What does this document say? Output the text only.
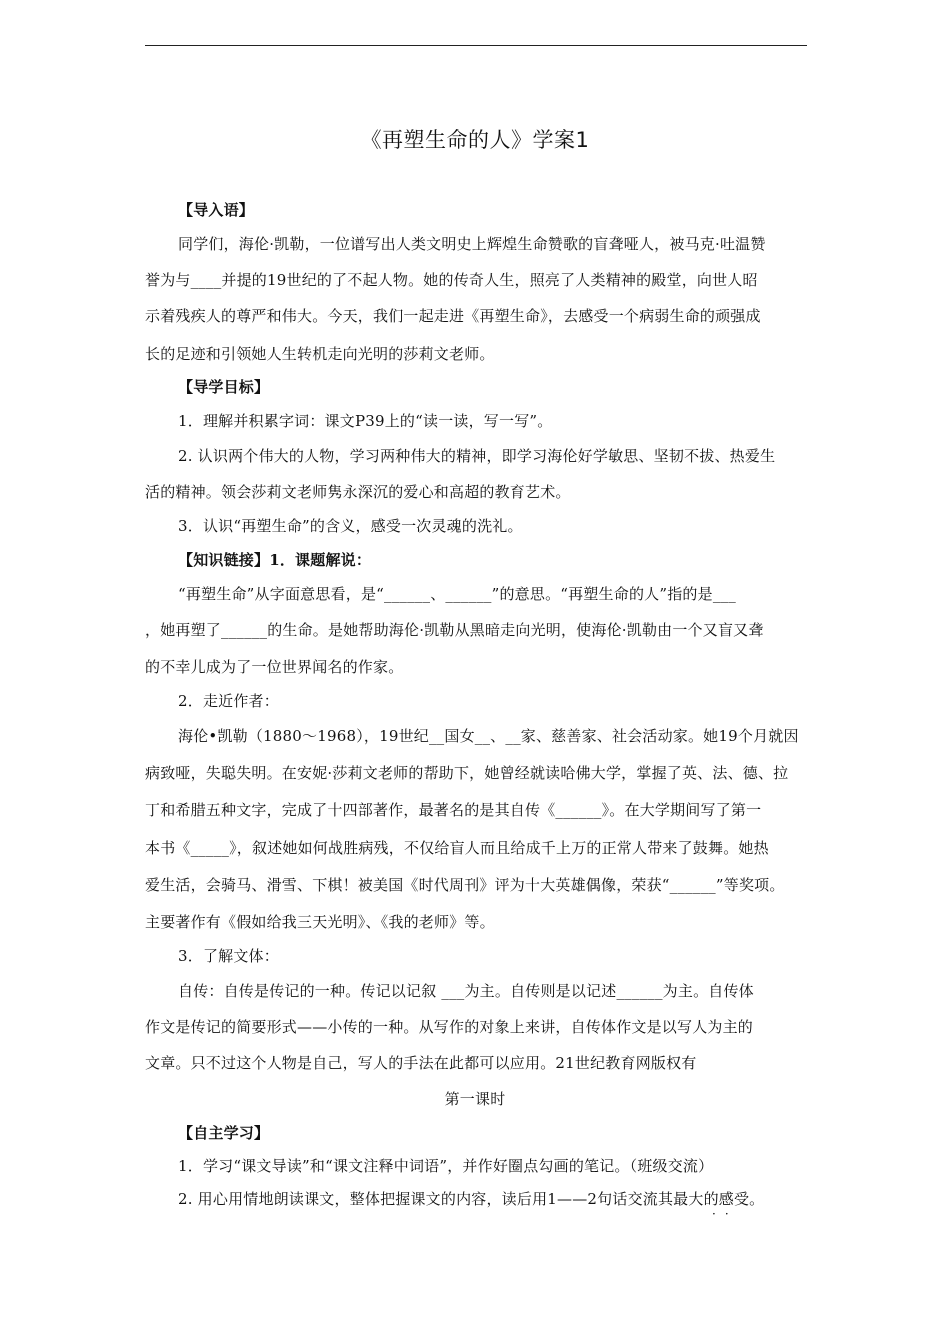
《再塑生命的人》学案1
【导入语】
同学们，海伦·凯勒，一位谱写出人类文明史上辉煌生命赞歌的盲聋哑人，被马克·吐温赞
誉为与____并提的19世纪的了不起人物。她的传奇人生，照亮了人类精神的殿堂，向世人昭
示着残疾人的尊严和伟大。今天，我们一起走进《再塑生命》，去感受一个病弱生命的顽强成
长的足迹和引领她人生转机走向光明的莎莉文老师。
【导学目标】
1．理解并积累字词：课文P39上的“读一读，写一写”。
2. 认识两个伟大的人物，学习两种伟大的精神，即学习海伦好学敏思、坚韧不拔、热爱生
活的精神。领会莎莉文老师隽永深沉的爱心和高超的教育艺术。
3．认识“再塑生命”的含义，感受一次灵魂的洗礼。
【知识链接】1．课题解说：
“再塑生命”从字面意思看，是“______、______”的意思。“再塑生命的人”指的是___
，她再塑了______的生命。是她帮助海伦·凯勒从黑暗走向光明，使海伦·凯勒由一个又盲又聋
的不幸儿成为了一位世界闻名的作家。
2．走近作者：
海伦•凯勒（1880～1968），19世纪__国女__、__家、慈善家、社会活动家。她19个月就因
病致哑，失聪失明。在安妮·莎莉文老师的帮助下，她曾经就读哈佛大学，掌握了英、法、德、拉
丁和希腊五种文字，完成了十四部著作，最著名的是其自传《______》。在大学期间写了第一
本书《_____》，叙述她如何战胜病残，不仅给盲人而且给成千上万的正常人带来了鼓舞。她热
爱生活，会骑马、滑雪、下棋！被美国《时代周刊》评为十大英雄偶像，荣获“______”等奖项。
主要著作有《假如给我三天光明》、《我的老师》等。
3．了解文体：
自传：自传是传记的一种。传记以记叙 ___为主。自传则是以记述______为主。自传体
作文是传记的简要形式——小传的一种。从写作的对象上来讲，自传体作文是以写人为主的
文章。只不过这个人物是自己，写人的手法在此都可以应用。21世纪教育网版权有
第一课时
【自主学习】
1．学习“课文导读”和“课文注释中词语”，并作好圈点勾画的笔记。（班级交流）
2. 用心用情地朗读课文，整体把握课文的内容，读后用1——2句话交流其最大的感受。
··
